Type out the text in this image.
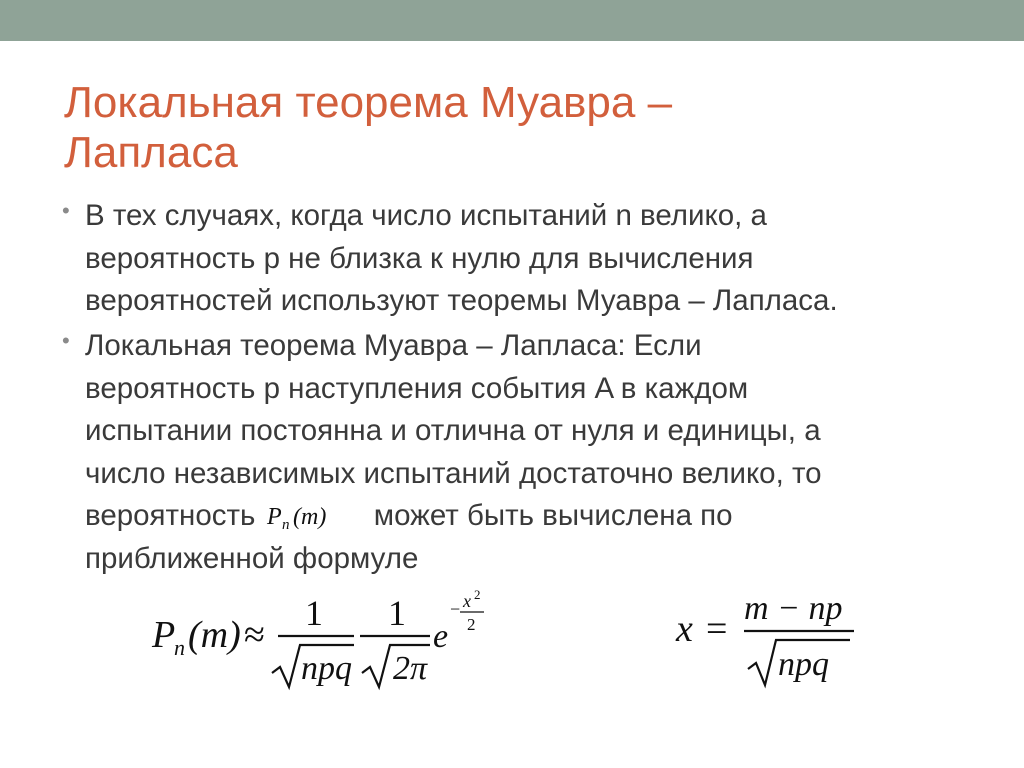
Локальная теорема Муавра –
Лапласа
• В тех случаях, когда число испытаний n велико, а
вероятность p не близка к нулю для вычисления
вероятностей используют теоремы Муавра – Лапласа.
• Локальная теорема Муавра – Лапласа: Если
вероятность p наступления события A в каждом
испытании постоянна и отлична от нуля и единицы, а
число независимых испытаний достаточно велико, то
вероятность P n (m) может быть вычислена по
приближенной формуле
P
n (m) ≈
1
npq
1
2π
e
− x 2
2	x = m − np
npq
